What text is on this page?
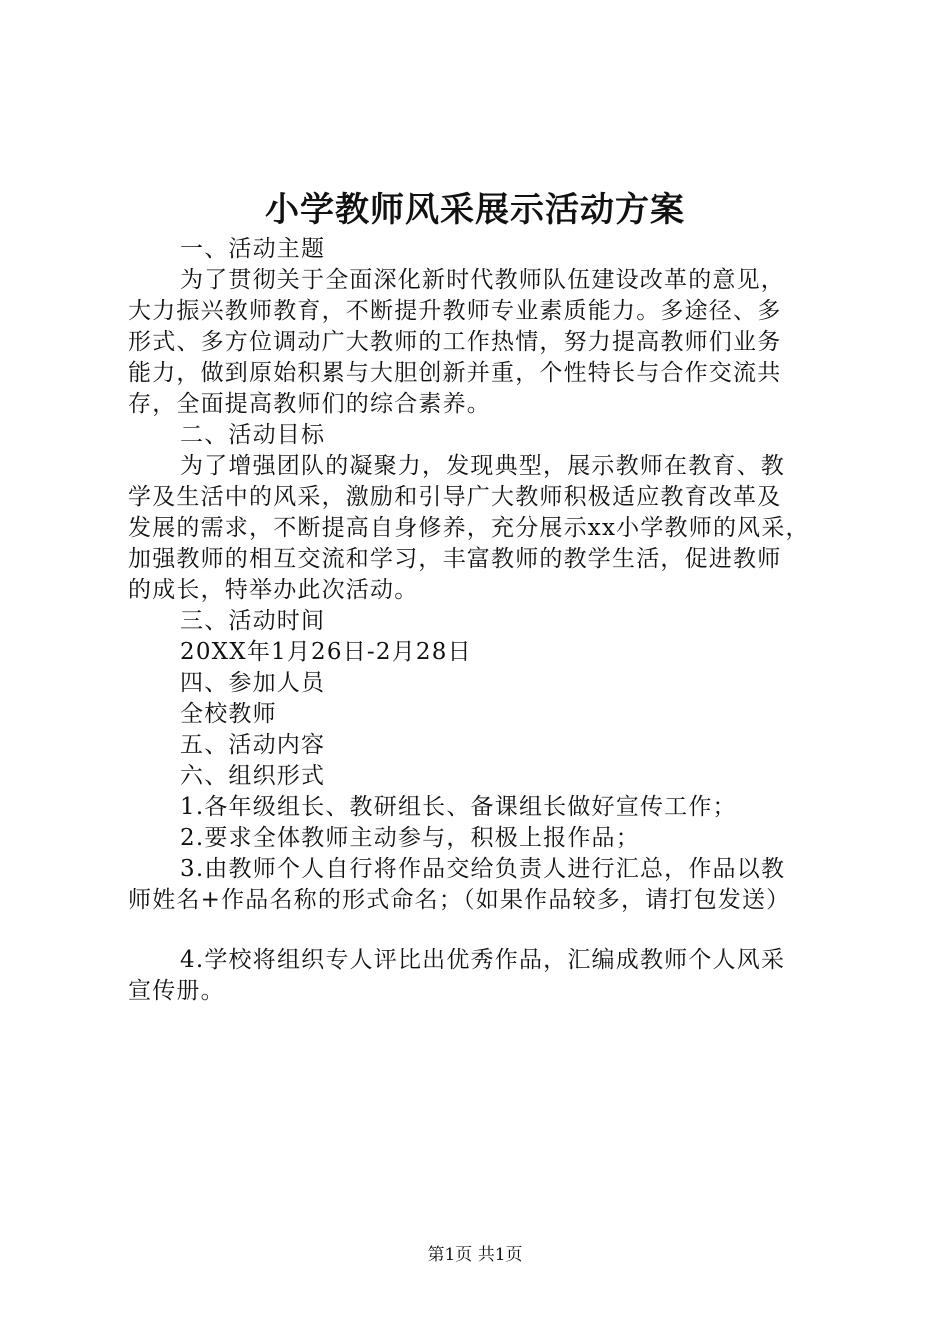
小学教师风采展示活动方案
一、活动主题
为了贯彻关于全面深化新时代教师队伍建设改革的意见，
大力振兴教师教育，不断提升教师专业素质能力。多途径、多
形式、多方位调动广大教师的工作热情，努力提高教师们业务
能力，做到原始积累与大胆创新并重，个性特长与合作交流共
存，全面提高教师们的综合素养。
二、活动目标
为了增强团队的凝聚力，发现典型，展示教师在教育、教
学及生活中的风采，激励和引导广大教师积极适应教育改革及
发展的需求，不断提高自身修养，充分展示xx小学教师的风采，
加强教师的相互交流和学习，丰富教师的教学生活，促进教师
的成长，特举办此次活动。
三、活动时间
20XX年1月26日-2月28日
四、参加人员
全校教师
五、活动内容
六、组织形式
1.各年级组长、教研组长、备课组长做好宣传工作；
2.要求全体教师主动参与，积极上报作品；
3.由教师个人自行将作品交给负责人进行汇总，作品以教
师姓名+作品名称的形式命名；（如果作品较多，请打包发送）
4.学校将组织专人评比出优秀作品，汇编成教师个人风采
宣传册。
第1页 共1页
